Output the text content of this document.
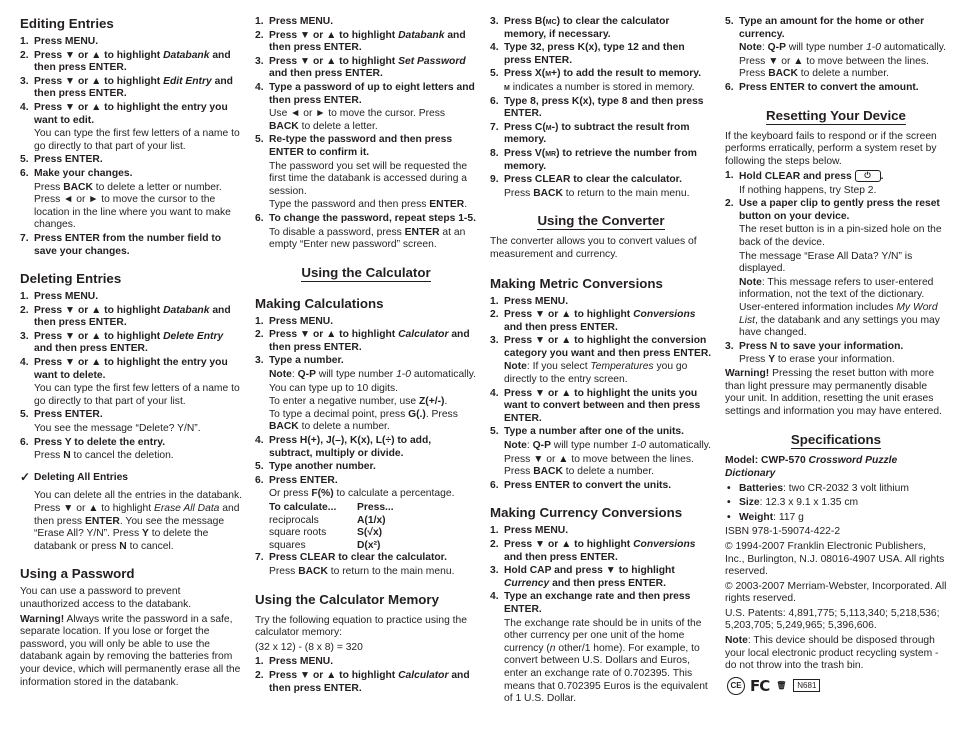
Editing Entries
1. Press MENU.
2. Press ▼ or ▲ to highlight Databank and then press ENTER.
3. Press ▼ or ▲ to highlight Edit Entry and then press ENTER.
4. Press ▼ or ▲ to highlight the entry you want to edit.
You can type the first few letters of a name to go directly to that part of your list.
5. Press ENTER.
6. Make your changes.
Press BACK to delete a letter or number. Press ◄ or ► to move the cursor to the location in the line where you want to make changes.
7. Press ENTER from the number field to save your changes.
Deleting Entries
1. Press MENU.
2. Press ▼ or ▲ to highlight Databank and then press ENTER.
3. Press ▼ or ▲ to highlight Delete Entry and then press ENTER.
4. Press ▼ or ▲ to highlight the entry you want to delete.
You can type the first few letters of a name to go directly to that part of your list.
5. Press ENTER.
You see the message “Delete? Y/N”.
6. Press Y to delete the entry.
Press N to cancel the deletion.
✓ Deleting All Entries
You can delete all the entries in the databank. Press ▼ or ▲ to highlight Erase All Data and then press ENTER. You see the message “Erase All? Y/N”. Press Y to delete the databank or press N to cancel.
Using a Password
You can use a password to prevent unauthorized access to the databank.
Warning! Always write the password in a safe, separate location. If you lose or forget the password, you will only be able to use the databank again by removing the batteries from your device, which will permanently erase all the information stored in the databank.
1. Press MENU.
2. Press ▼ or ▲ to highlight Databank and then press ENTER.
3. Press ▼ or ▲ to highlight Set Password and then press ENTER.
4. Type a password of up to eight letters and then press ENTER.
Use ◄ or ► to move the cursor. Press BACK to delete a letter.
5. Re-type the password and then press ENTER to confirm it.
The password you set will be requested the first time the databank is accessed during a session.
Type the password and then press ENTER.
6. To change the password, repeat steps 1-5.
To disable a password, press ENTER at an empty “Enter new password” screen.
Using the Calculator
Making Calculations
1. Press MENU.
2. Press ▼ or ▲ to highlight Calculator and then press ENTER.
3. Type a number.
Note: Q-P will type number 1-0 automatically.
You can type up to 10 digits.
To enter a negative number, use Z(+/-).
To type a decimal point, press G(.). Press BACK to delete a number.
4. Press H(+), J(–), K(x), L(÷) to add, subtract, multiply or divide.
5. Type another number.
6. Press ENTER.
Or press F(%) to calculate a percentage.
To calculate...	Press...
reciprocals	A(1/x)
square roots	S(√x)
squares	D(x²)
7. Press CLEAR to clear the calculator.
Press BACK to return to the main menu.
Using the Calculator Memory
Try the following equation to practice using the calculator memory:
(32 x 12) - (8 x 8) = 320
1. Press MENU.
2. Press ▼ or ▲ to highlight Calculator and then press ENTER.
3. Press B(mc) to clear the calculator memory, if necessary.
4. Type 32, press K(x), type 12 and then press ENTER.
5. Press X(m+) to add the result to memory.
m indicates a number is stored in memory.
6. Type 8, press K(x), type 8 and then press ENTER.
7. Press C(m-) to subtract the result from memory.
8. Press V(mr) to retrieve the number from memory.
9. Press CLEAR to clear the calculator.
Press BACK to return to the main menu.
Using the Converter
The converter allows you to convert values of measurement and currency.
Making Metric Conversions
1. Press MENU.
2. Press ▼ or ▲ to highlight Conversions and then press ENTER.
3. Press ▼ or ▲ to highlight the conversion category you want and then press ENTER.
Note: If you select Temperatures you go directly to the entry screen.
4. Press ▼ or ▲ to highlight the units you want to convert between and then press ENTER.
5. Type a number after one of the units.
Note: Q-P will type number 1-0 automatically.
Press ▼ or ▲ to move between the lines. Press BACK to delete a number.
6. Press ENTER to convert the units.
Making Currency Conversions
1. Press MENU.
2. Press ▼ or ▲ to highlight Conversions and then press ENTER.
3. Hold CAP and press ▼ to highlight Currency and then press ENTER.
4. Type an exchange rate and then press ENTER.
The exchange rate should be in units of the other currency per one unit of the home currency (n other/1 home). For example, to convert between U.S. Dollars and Euros, enter an exchange rate of 0.702395. This means that 0.702395 Euros is the equivalent of 1 U.S. Dollar.
5. Type an amount for the home or other currency.
Note: Q-P will type number 1-0 automatically.
Press ▼ or ▲ to move between the lines. Press BACK to delete a number.
6. Press ENTER to convert the amount.
Resetting Your Device
If the keyboard fails to respond or if the screen performs erratically, perform a system reset by following the steps below.
1. Hold CLEAR and press ⏻ .
If nothing happens, try Step 2.
2. Use a paper clip to gently press the reset button on your device.
The reset button is in a pin-sized hole on the back of the device.
The message “Erase All Data? Y/N” is displayed.
Note: This message refers to user-entered information, not the text of the dictionary. User-entered information includes My Word List, the databank and any settings you may have changed.
3. Press N to save your information.
Press Y to erase your information.
Warning! Pressing the reset button with more than light pressure may permanently disable your unit. In addition, resetting the unit erases settings and information you may have entered.
Specifications
Model: CWP-570 Crossword Puzzle Dictionary
• Batteries: two CR-2032 3 volt lithium
• Size: 12.3 x 9.1 x 1.35 cm
• Weight: 117 g
ISBN 978-1-59074-422-2
© 1994-2007 Franklin Electronic Publishers, Inc., Burlington, N.J. 08016-4907 USA. All rights reserved.
© 2003-2007 Merriam-Webster, Incorporated. All rights reserved.
U.S. Patents: 4,891,775; 5,113,340; 5,218,536; 5,203,705; 5,249,965; 5,396,606.
Note: This device should be disposed through your local electronic product recycling system - do not throw into the trash bin.
CE FC 🗑	N681
